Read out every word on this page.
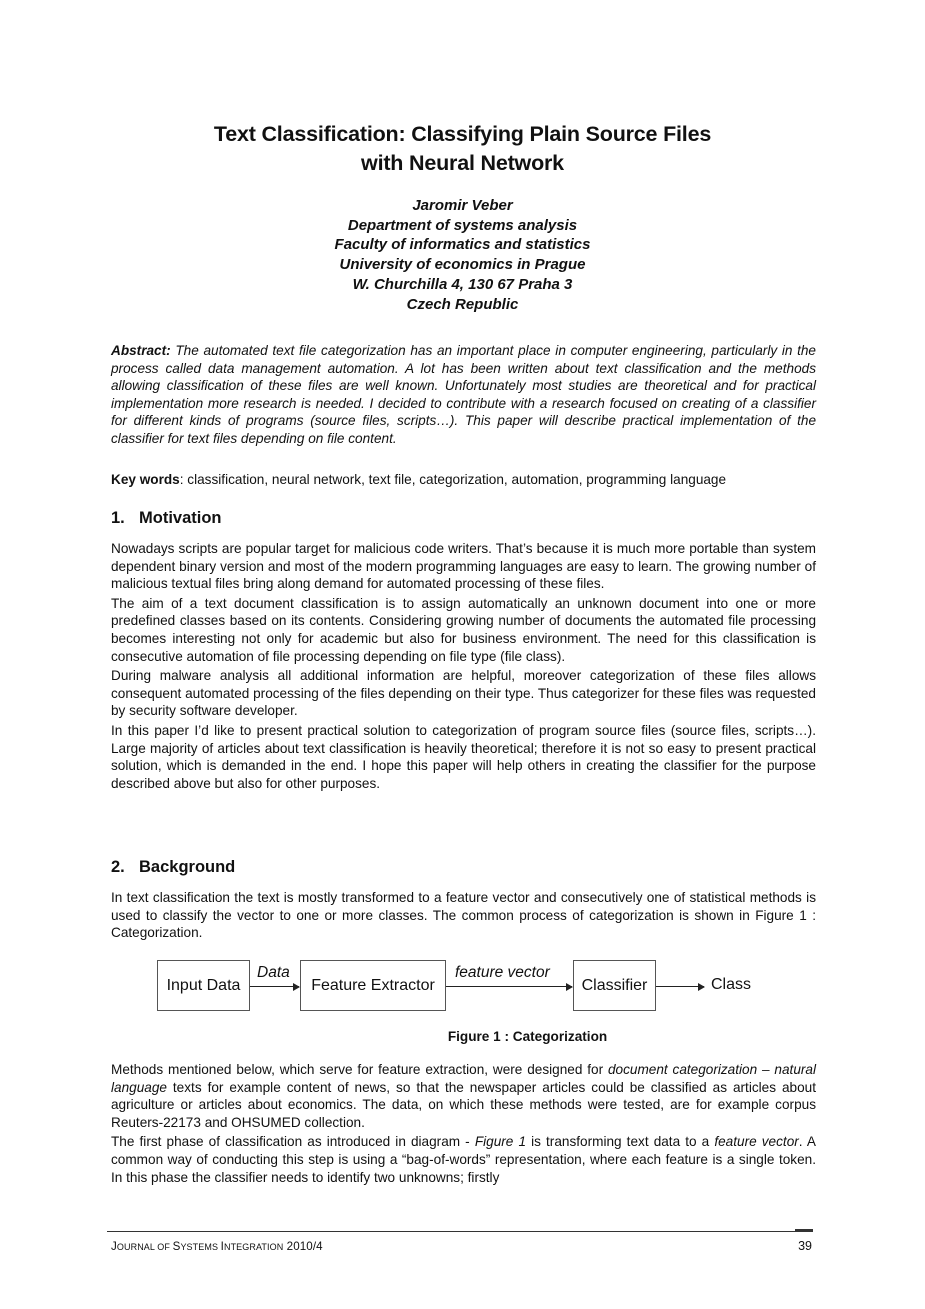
Text Classification: Classifying Plain Source Files
with Neural Network
Jaromir Veber
Department of systems analysis
Faculty of informatics and statistics
University of economics in Prague
W. Churchilla 4, 130 67 Praha 3
Czech Republic

Abstract: The automated text file categorization has an important place in computer engineering, particularly in the process called data management automation. A lot has been written about text classification and the methods allowing classification of these files are well known. Unfortunately most studies are theoretical and for practical implementation more research is needed. I decided to contribute with a research focused on creating of a classifier for different kinds of programs (source files, scripts…). This paper will describe practical implementation of the classifier for text files depending on file content.

Key words: classification, neural network, text file, categorization, automation, programming language

1. Motivation

Nowadays scripts are popular target for malicious code writers. That’s because it is much more portable than system dependent binary version and most of the modern programming languages are easy to learn. The growing number of malicious textual files bring along demand for automated processing of these files.

The aim of a text document classification is to assign automatically an unknown document into one or more predefined classes based on its contents. Considering growing number of documents the automated file processing becomes interesting not only for academic but also for business environment. The need for this classification is consecutive automation of file processing depending on file type (file class).

During malware analysis all additional information are helpful, moreover categorization of these files allows consequent automated processing of the files depending on their type. Thus categorizer for these files was requested by security software developer.

In this paper I’d like to present practical solution to categorization of program source files (source files, scripts…). Large majority of articles about text classification is heavily theoretical; therefore it is not so easy to present practical solution, which is demanded in the end. I hope this paper will help others in creating the classifier for the purpose described above but also for other purposes.

2. Background

In text classification the text is mostly transformed to a feature vector and consecutively one of statistical methods is used to classify the vector to one or more classes. The common process of categorization is shown in Figure 1 : Categorization.

Input Data
Data
Feature Extractor
feature vector
Classifier	Class
Figure 1 : Categorization

Methods mentioned below, which serve for feature extraction, were designed for document categorization – natural language texts for example content of news, so that the newspaper articles could be classified as articles about agriculture or articles about economics. The data, on which these methods were tested, are for example corpus Reuters-22173 and OHSUMED collection.

The first phase of classification as introduced in diagram - Figure 1 is transforming text data to a feature vector. A common way of conducting this step is using a “bag-of-words” representation, where each feature is a single token. In this phase the classifier needs to identify two unknowns; firstly

JOURNAL OF SYSTEMS INTEGRATION 2010/4	39
